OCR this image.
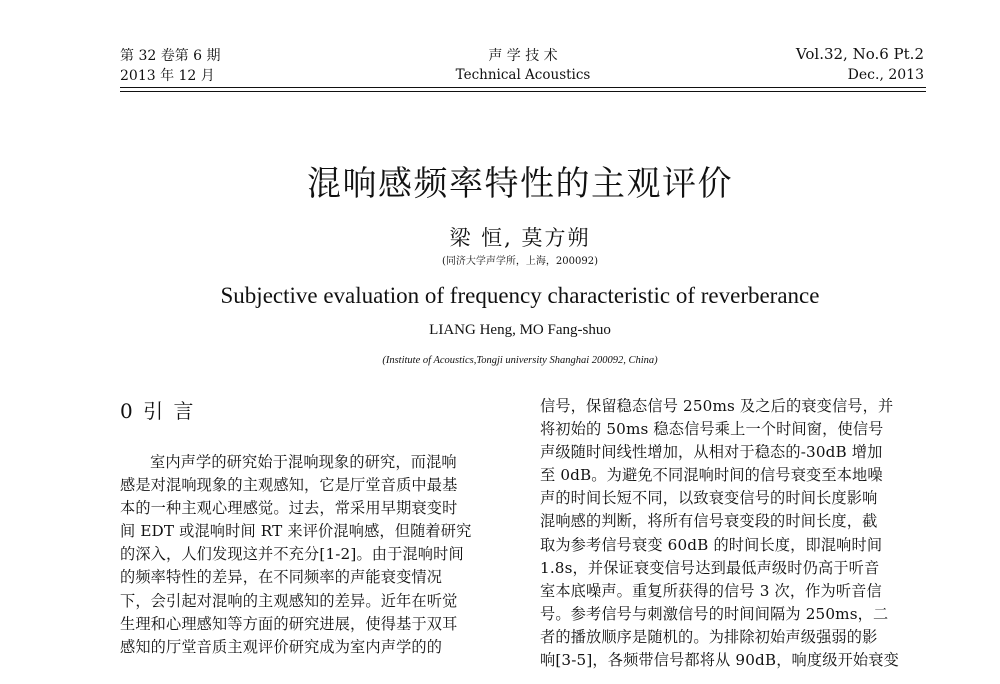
第 32 卷第 6 期
2013 年 12 月
声 学 技 术
Technical Acoustics
Vol.32, No.6 Pt.2
Dec., 2013
混响感频率特性的主观评价
梁 恒, 莫方朔
(同济大学声学所，上海，200092)
Subjective evaluation of frequency characteristic of reverberance
LIANG Heng, MO Fang-shuo
(Institute of Acoustics,Tongji university Shanghai 200092, China)
0 引 言

室内声学的研究始于混响现象的研究，而混响

感是对混响现象的主观感知，它是厅堂音质中最基

本的一种主观心理感觉。过去，常采用早期衰变时

间 EDT 或混响时间 RT 来评价混响感，但随着研究

的深入，人们发现这并不充分[1-2]。由于混响时间

的频率特性的差异，在不同频率的声能衰变情况

下，会引起对混响的主观感知的差异。近年在听觉

生理和心理感知等方面的研究进展，使得基于双耳

感知的厅堂音质主观评价研究成为室内声学的的

信号，保留稳态信号 250ms 及之后的衰变信号，并

将初始的 50ms 稳态信号乘上一个时间窗，使信号

声级随时间线性增加，从相对于稳态的-30dB 增加

至 0dB。为避免不同混响时间的信号衰变至本地噪

声的时间长短不同，以致衰变信号的时间长度影响

混响感的判断，将所有信号衰变段的时间长度，截

取为参考信号衰变 60dB 的时间长度，即混响时间

1.8s，并保证衰变信号达到最低声级时仍高于听音

室本底噪声。重复所获得的信号 3 次，作为听音信

号。参考信号与刺激信号的时间间隔为 250ms，二

者的播放顺序是随机的。为排除初始声级强弱的影

响[3-5]，各频带信号都将从 90dB，响度级开始衰变
